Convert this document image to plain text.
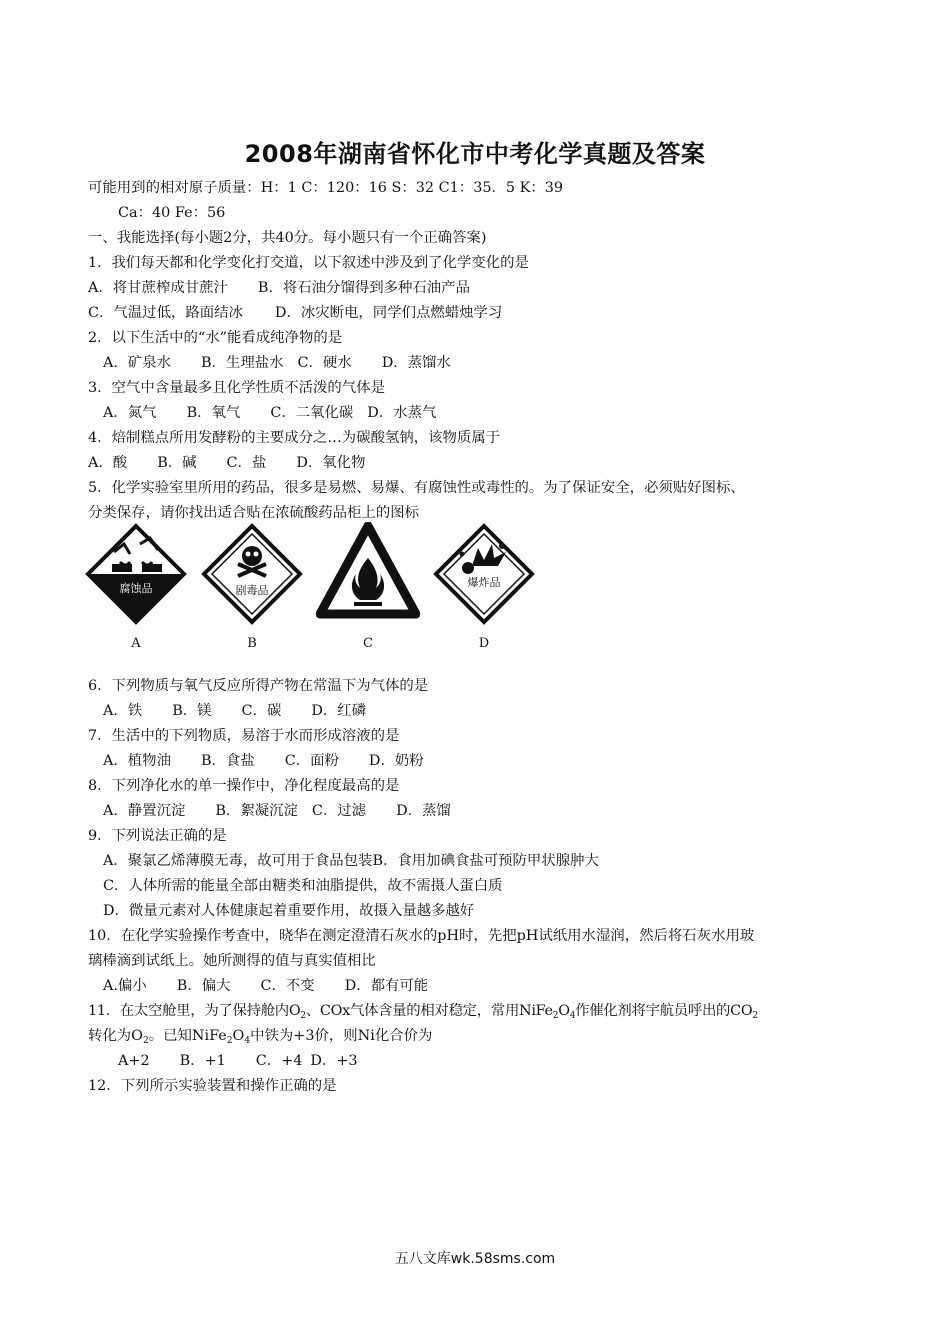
2008年湖南省怀化市中考化学真题及答案
可能用到的相对原子质量：H：1 C：120：16 S：32 C1：35．5 K：39
Ca：40 Fe：56
一、我能选择(每小题2分，共40分。每小题只有一个正确答案)
1．我们每天都和化学变化打交道，以下叙述中涉及到了化学变化的是
A．将甘蔗榨成甘蔗汁 B．将石油分馏得到多种石油产品
C．气温过低，路面结冰 D．冰灾断电，同学们点燃蜡烛学习
2．以下生活中的“水”能看成纯净物的是
A．矿泉水 B．生理盐水 C．硬水 D．蒸馏水
3．空气中含量最多且化学性质不活泼的气体是
A．氮气 B．氧气 C．二氧化碳 D．水蒸气
4．焙制糕点所用发酵粉的主要成分之…为碳酸氢钠，该物质属于
A．酸 B．碱 C．盐 D．氧化物
5．化学实验室里所用的药品，很多是易燃、易爆、有腐蚀性或毒性的。为了保证安全，必须贴好图标、
分类保存，请你找出适合贴在浓硫酸药品柜上的图标
腐蚀品
A
剧毒品
B	C
爆炸品
D
6．下列物质与氧气反应所得产物在常温下为气体的是
A．铁 B．镁 C．碳 D．红磷
7．生活中的下列物质，易溶于水而形成溶液的是
A．植物油 B．食盐 C．面粉 D．奶粉
8．下列净化水的单一操作中，净化程度最高的是
A．静置沉淀 B．絮凝沉淀 C．过滤 D．蒸馏
9．下列说法正确的是
A．聚氯乙烯薄膜无毒，故可用于食品包装B．食用加碘食盐可预防甲状腺肿大
C．人体所需的能量全部由糖类和油脂提供，故不需摄人蛋白质
D．微量元素对人体健康起着重要作用，故摄入量越多越好
10．在化学实验操作考查中，晓华在测定澄清石灰水的pH时，先把pH试纸用水湿润，然后将石灰水用玻
璃棒滴到试纸上。她所测得的值与真实值相比
A.偏小 B．偏大 C．不变 D．都有可能
11．在太空舱里，为了保持舱内$O_2$、COx气体含量的相对稳定，常用$NiFe_2O_4$作催化剂将宇航员呼出的$CO_2$
转化为$O_2$。已知$NiFe_2O_4$中铁为+3价，则Ni化合价为
A+2 B．+1 C．+4 D．+3
12．下列所示实验装置和操作正确的是
五八文库wk.58sms.com
